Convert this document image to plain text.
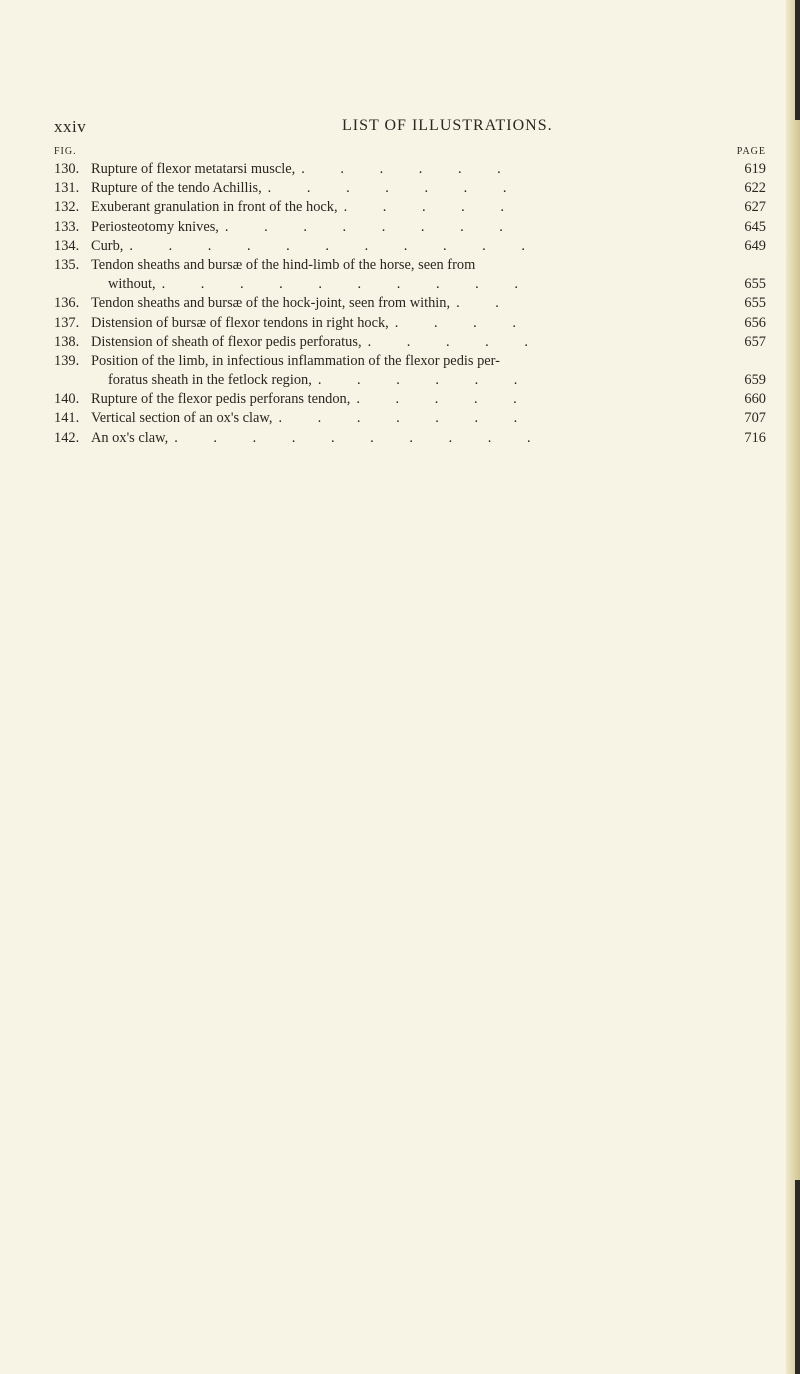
xxiv	LIST OF ILLUSTRATIONS.
FIG.	PAGE
130. Rupture of flexor metatarsi muscle, . . . . . .	619
131. Rupture of the tendo Achillis, . . . . . . .	622
132. Exuberant granulation in front of the hock, . . . . .	627
133. Periosteotomy knives, . . . . . . . .	645
134. Curb, . . . . . . . . . . .	649
135. Tendon sheaths and bursæ of the hind-limb of the horse, seen from
without, . . . . . . . . . .	655
136. Tendon sheaths and bursæ of the hock-joint, seen from within, . .	655
137. Distension of bursæ of flexor tendons in right hock, . . . .	656
138. Distension of sheath of flexor pedis perforatus, . . . . .	657
139. Position of the limb, in infectious inflammation of the flexor pedis per-
foratus sheath in the fetlock region, . . . . . .	659
140. Rupture of the flexor pedis perforans tendon, . . . . .	660
141. Vertical section of an ox's claw, . . . . . . .	707
142. An ox's claw, . . . . . . . . . .	716
